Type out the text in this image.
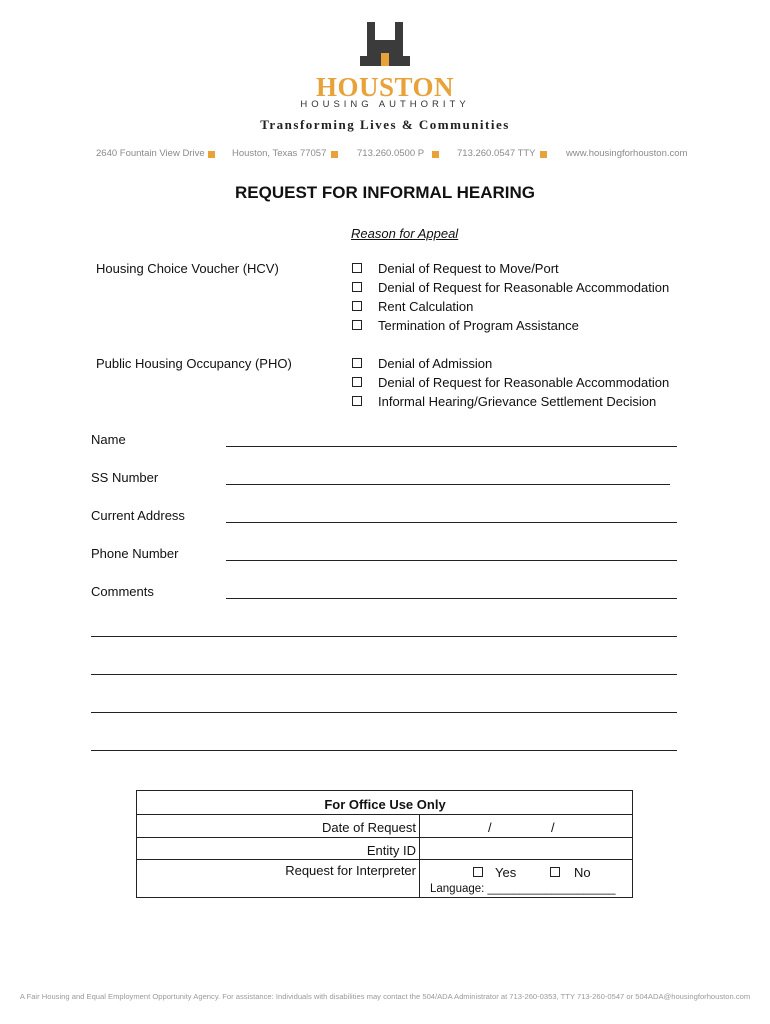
HOUSTON
HOUSING AUTHORITY
Transforming Lives & Communities
2640 Fountain View Drive	Houston, Texas 77057	713.260.0500 P	713.260.0547 TTY	www.housingforhouston.com
REQUEST FOR INFORMAL HEARING
Reason for Appeal
Housing Choice Voucher (HCV)	Denial of Request to Move/Port
Denial of Request for Reasonable Accommodation
Rent Calculation
Termination of Program Assistance
Public Housing Occupancy (PHO)	Denial of Admission
Denial of Request for Reasonable Accommodation
Informal Hearing/Grievance Settlement Decision
Name
SS Number
Current Address
Phone Number
Comments
For Office Use Only
Date of Request	/	/
Entity ID
Request for Interpreter	Yes	No
Language: ____________________
A Fair Housing and Equal Employment Opportunity Agency. For assistance: Individuals with disabilities may contact the 504/ADA Administrator at 713-260-0353, TTY 713-260-0547 or 504ADA@housingforhouston.com
